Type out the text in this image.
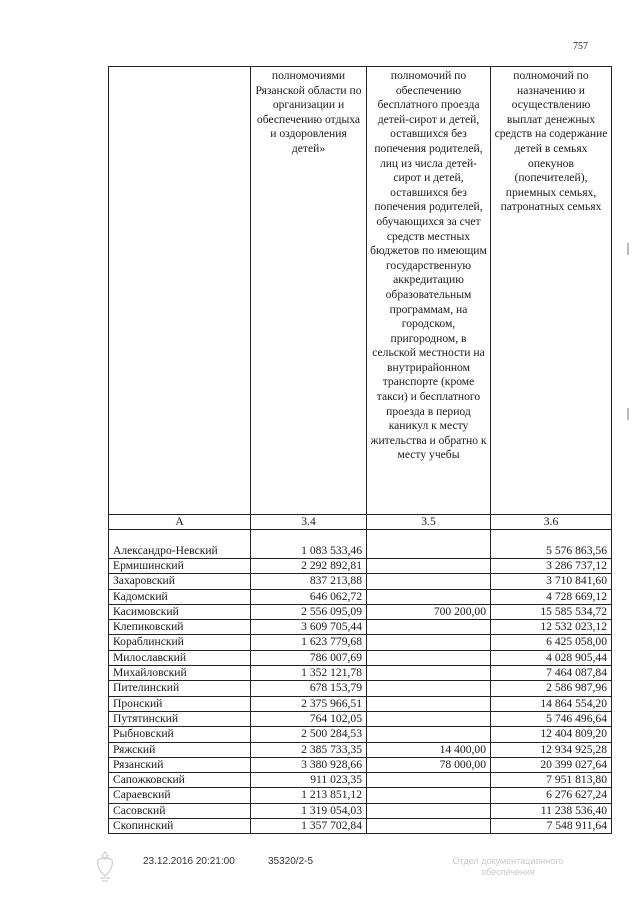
757
	полномочиями Рязанской области по организации и обеспечению отдыха и оздоровления детей»	полномочий по обеспечению бесплатного проезда детей-сирот и детей, оставшихся без попечения родителей, лиц из числа детей-сирот и детей, оставшихся без попечения родителей, обучающихся за счет средств местных бюджетов по имеющим государственную аккредитацию образовательным программам, на городском, пригородном, в сельской местности на внутрирайонном транспорте (кроме такси) и бесплатного проезда в период каникул к месту жительства и обратно к месту учебы	полномочий по назначению и осуществлению выплат денежных средств на содержание детей в семьях опекунов (попечителей), приемных семьях, патронатных семьях
А	3.4	3.5	3.6
Александро-Невский	1 083 533,46		5 576 863,56
Ермишинский	2 292 892,81		3 286 737,12
Захаровский	837 213,88		3 710 841,60
Кадомский	646 062,72		4 728 669,12
Касимовский	2 556 095,09	700 200,00	15 585 534,72
Клепиковский	3 609 705,44		12 532 023,12
Кораблинский	1 623 779,68		6 425 058,00
Милославский	786 007,69		4 028 905,44
Михайловский	1 352 121,78		7 464 087,84
Пителинский	678 153,79		2 586 987,96
Пронский	2 375 966,51		14 864 554,20
Путятинский	764 102,05		5 746 496,64
Рыбновский	2 500 284,53		12 404 809,20
Ряжский	2 385 733,35	14 400,00	12 934 925,28
Рязанский	3 380 928,66	78 000,00	20 399 027,64
Сапожковский	911 023,35		7 951 813,80
Сараевский	1 213 851,12		6 276 627,24
Сасовский	1 319 054,03		11 238 536,40
Скопинский	1 357 702,84		7 548 911,64
23.12.2016 20:21:00	35320/2-5	Отдел документационного обеспечения
